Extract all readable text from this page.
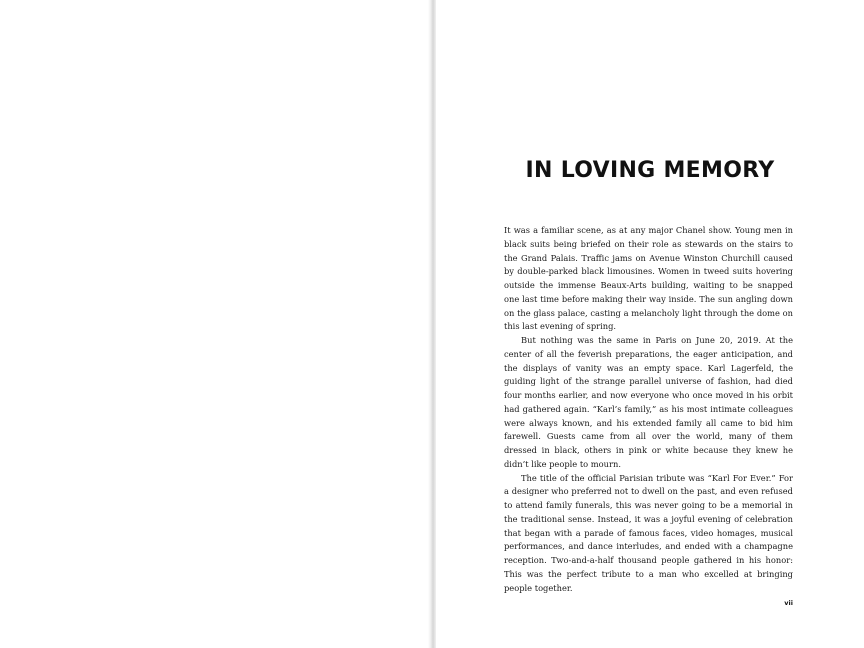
IN LOVING MEMORY

It was a familiar scene, as at any major Chanel show. Young men in black suits being briefed on their role as stewards on the stairs to the Grand Palais. Traffic jams on Avenue Winston Churchill caused by double-parked black limousines. Women in tweed suits hovering outside the immense Beaux-Arts building, waiting to be snapped one last time before making their way inside. The sun angling down on the glass palace, casting a melancholy light through the dome on this last evening of spring.

But nothing was the same in Paris on June 20, 2019. At the center of all the feverish preparations, the eager anticipation, and the displays of vanity was an empty space. Karl Lagerfeld, the guiding light of the strange parallel universe of fashion, had died four months earlier, and now everyone who once moved in his orbit had gathered again. “Karl’s family,” as his most intimate colleagues were always known, and his extended family all came to bid him farewell. Guests came from all over the world, many of them dressed in black, others in pink or white because they knew he didn’t like people to mourn.

The title of the official Parisian tribute was “Karl For Ever.” For a designer who preferred not to dwell on the past, and even refused to attend family funerals, this was never going to be a memorial in the traditional sense. Instead, it was a joyful evening of celebration that began with a parade of famous faces, video homages, musical performances, and dance interludes, and ended with a champagne reception. Two-and-a-half thousand people gathered in his honor: This was the perfect tribute to a man who excelled at bringing people together.

vii
